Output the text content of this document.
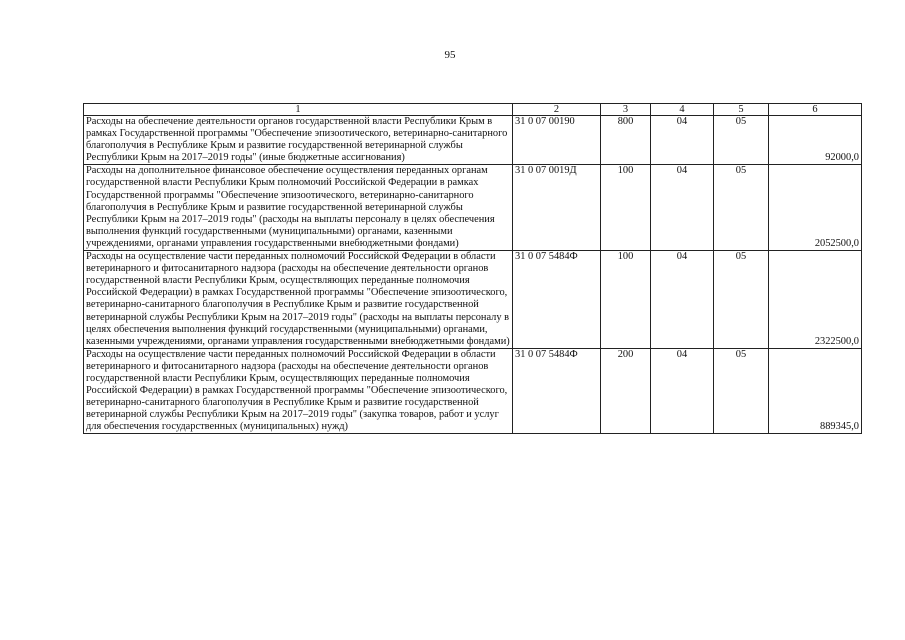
95
1	2	3	4	5	6
Расходы на обеспечение деятельности органов государственной власти Республики Крым в рамках Государственной программы "Обеспечение эпизоотического, ветеринарно-санитарного благополучия в Республике Крым и развитие государственной ветеринарной службы Республики Крым на 2017–2019 годы" (иные бюджетные ассигнования)	31 0 07 00190	800	04	05	92000,0
Расходы на дополнительное финансовое обеспечение осуществления переданных органам государственной власти Республики Крым полномочий Российской Федерации в рамках Государственной программы "Обеспечение эпизоотического, ветеринарно-санитарного благополучия в Республике Крым и развитие государственной ветеринарной службы Республики Крым на 2017–2019 годы" (расходы на выплаты персоналу в целях обеспечения выполнения функций государственными (муниципальными) органами, казенными учреждениями, органами управления государственными внебюджетными фондами)	31 0 07 0019Д	100	04	05	2052500,0
Расходы на осуществление части переданных полномочий Российской Федерации в области ветеринарного и фитосанитарного надзора (расходы на обеспечение деятельности органов государственной власти Республики Крым, осуществляющих переданные полномочия Российской Федерации) в рамках Государственной программы "Обеспечение эпизоотического, ветеринарно-санитарного благополучия в Республике Крым и развитие государственной ветеринарной службы Республики Крым на 2017–2019 годы" (расходы на выплаты персоналу в целях обеспечения выполнения функций государственными (муниципальными) органами, казенными учреждениями, органами управления государственными внебюджетными фондами)	31 0 07 5484Ф	100	04	05	2322500,0
Расходы на осуществление части переданных полномочий Российской Федерации в области ветеринарного и фитосанитарного надзора (расходы на обеспечение деятельности органов государственной власти Республики Крым, осуществляющих переданные полномочия Российской Федерации) в рамках Государственной программы "Обеспечение эпизоотического, ветеринарно-санитарного благополучия в Республике Крым и развитие государственной ветеринарной службы Республики Крым на 2017–2019 годы" (закупка товаров, работ и услуг для обеспечения государственных (муниципальных) нужд)	31 0 07 5484Ф	200	04	05	889345,0
